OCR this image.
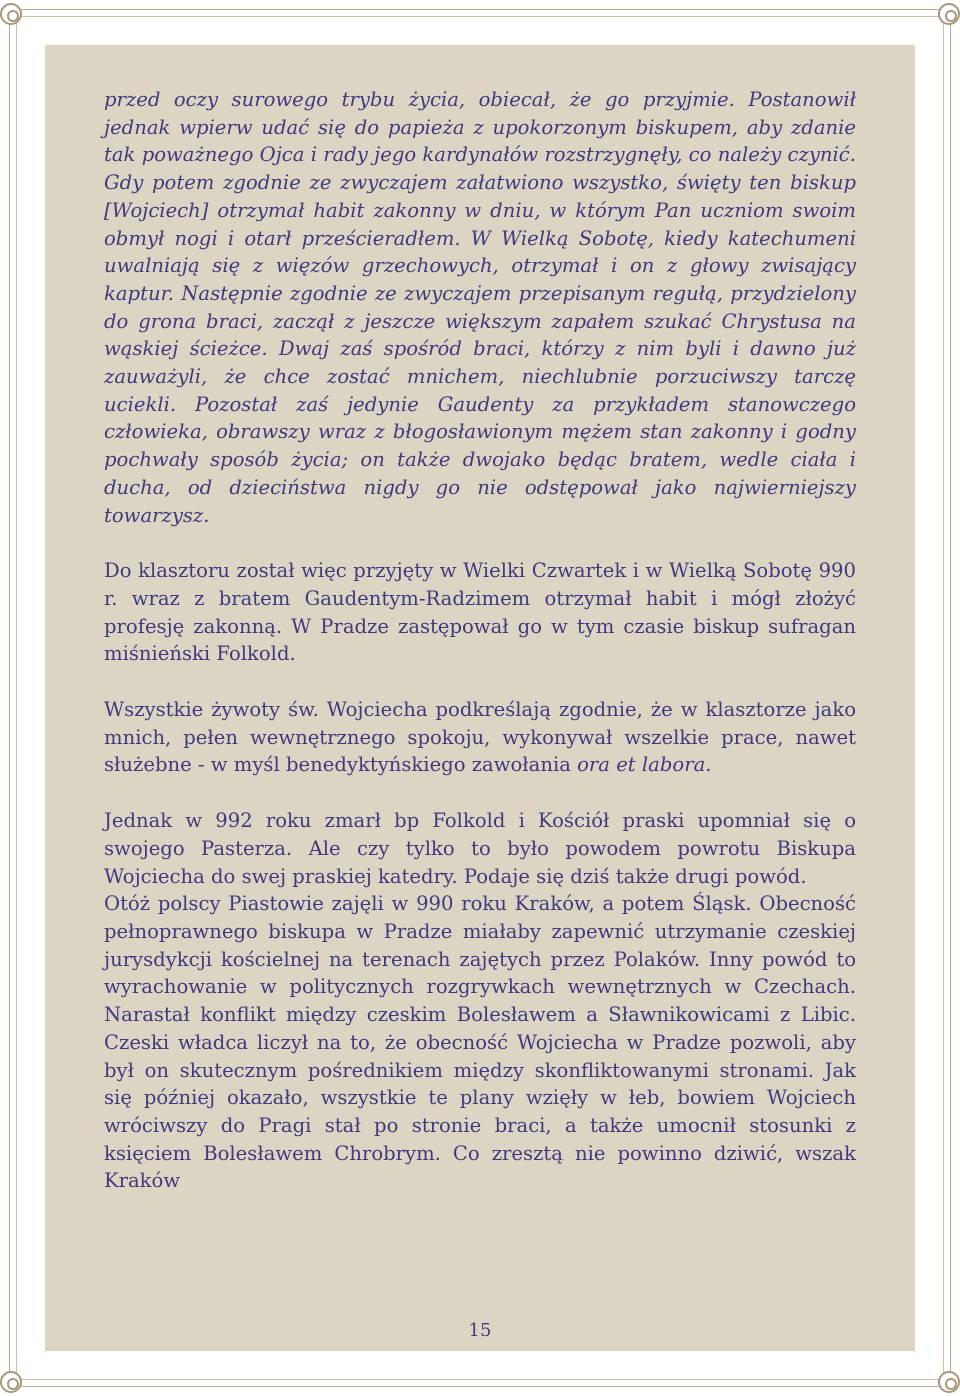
przed oczy surowego trybu życia, obiecał, że go przyjmie. Postanowił jednak wpierw udać się do papieża z upokorzonym biskupem, aby zdanie tak poważnego Ojca i rady jego kardynałów rozstrzygnęły, co należy czynić. Gdy potem zgodnie ze zwyczajem załatwiono wszystko, święty ten biskup [Wojciech] otrzymał habit zakonny w dniu, w którym Pan uczniom swoim obmył nogi i otarł prześcieradłem. W Wielką Sobotę, kiedy katechumeni uwalniają się z więzów grzechowych, otrzymał i on z głowy zwisający kaptur. Następnie zgodnie ze zwyczajem przepisanym regułą, przydzielony do grona braci, zaczął z jeszcze większym zapałem szukać Chrystusa na wąskiej ścieżce. Dwaj zaś spośród braci, którzy z nim byli i dawno już zauważyli, że chce zostać mnichem, niechlubnie porzuciwszy tarczę uciekli. Pozostał zaś jedynie Gaudenty za przykładem stanowczego człowieka, obrawszy wraz z błogosławionym mężem stan zakonny i godny pochwały sposób życia; on także dwojako będąc bratem, wedle ciała i ducha, od dzieciństwa nigdy go nie odstępował jako najwierniejszy towarzysz.

Do klasztoru został więc przyjęty w Wielki Czwartek i w Wielką Sobotę 990 r. wraz z bratem Gaudentym-Radzimem otrzymał habit i mógł złożyć profesję zakonną. W Pradze zastępował go w tym czasie biskup sufragan miśnieński Folkold.

Wszystkie żywoty św. Wojciecha podkreślają zgodnie, że w klasztorze jako mnich, pełen wewnętrznego spokoju, wykonywał wszelkie prace, nawet służebne - w myśl benedyktyńskiego zawołania ora et labora.

Jednak w 992 roku zmarł bp Folkold i Kościół praski upomniał się o swojego Pasterza. Ale czy tylko to było powodem powrotu Biskupa Wojciecha do swej praskiej katedry. Podaje się dziś także drugi powód.

Otóż polscy Piastowie zajęli w 990 roku Kraków, a potem Śląsk. Obecność pełnoprawnego biskupa w Pradze miałaby zapewnić utrzymanie czeskiej jurysdykcji kościelnej na terenach zajętych przez Polaków. Inny powód to wyrachowanie w politycznych rozgrywkach wewnętrznych w Czechach. Narastał konflikt między czeskim Bolesławem a Sławnikowicami z Libic. Czeski władca liczył na to, że obecność Wojciecha w Pradze pozwoli, aby był on skutecznym pośrednikiem między skonfliktowanymi stronami. Jak się później okazało, wszystkie te plany wzięły w łeb, bowiem Wojciech wróciwszy do Pragi stał po stronie braci, a także umocnił stosunki z księciem Bolesławem Chrobrym. Co zresztą nie powinno dziwić, wszak Kraków

15
